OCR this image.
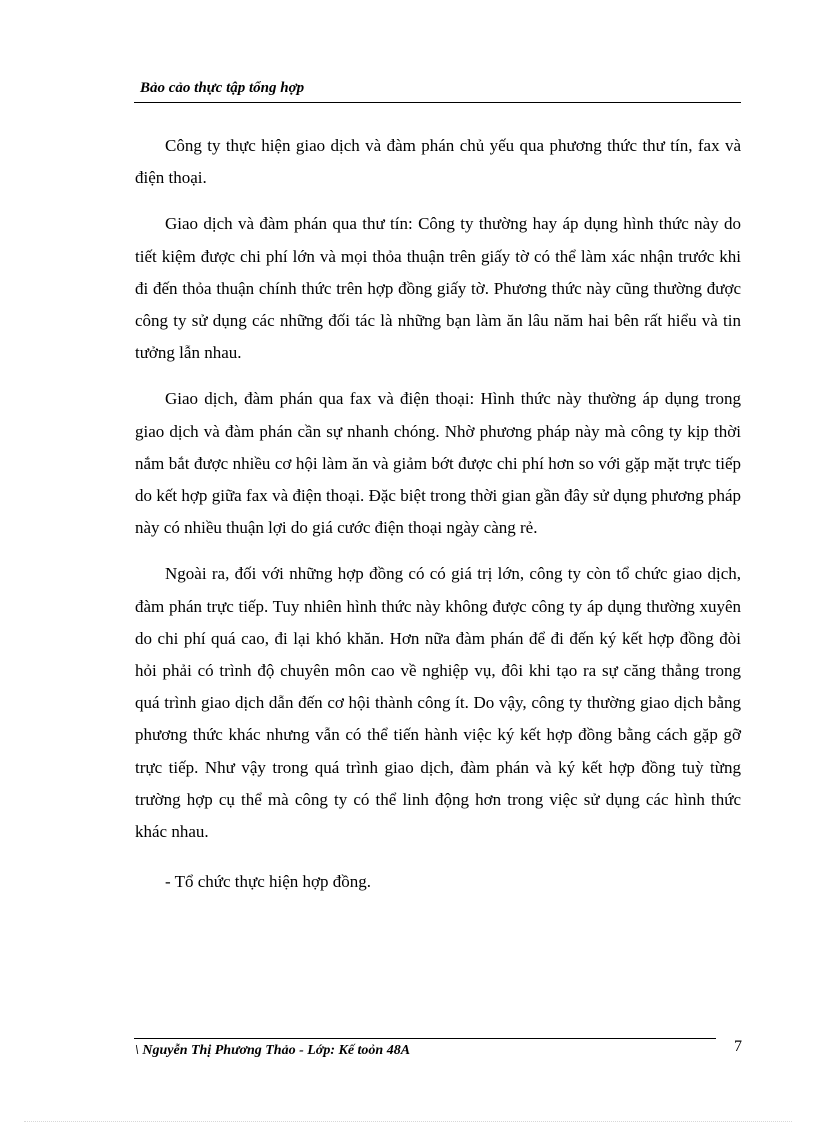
Bảo cảo thực tập tổng hợp

Công ty thực hiện giao dịch và đàm phán chủ yếu qua phương thức thư tín, fax và điện thoại.

Giao dịch và đàm phán qua thư tín: Công ty thường hay áp dụng hình thức này do tiết kiệm được chi phí lớn và mọi thỏa thuận trên giấy tờ có thể làm xác nhận trước khi đi đến thỏa thuận chính thức trên hợp đồng giấy tờ. Phương thức này cũng thường được công ty sử dụng các những đối tác là những bạn làm ăn lâu năm hai bên rất hiểu và tin tưởng lẫn nhau.

Giao dịch, đàm phán qua fax và điện thoại: Hình thức này thường áp dụng trong giao dịch và đàm phán cần sự nhanh chóng. Nhờ phương pháp này mà công ty kịp thời nắm bắt được nhiều cơ hội làm ăn và giảm bớt được chi phí hơn so với gặp mặt trực tiếp do kết hợp giữa fax và điện thoại. Đặc biệt trong thời gian gần đây sử dụng phương pháp này có nhiều thuận lợi do giá cước điện thoại ngày càng rẻ.

Ngoài ra, đối với những hợp đồng có có giá trị lớn, công ty còn tổ chức giao dịch, đàm phán trực tiếp. Tuy nhiên hình thức này không được công ty áp dụng thường xuyên do chi phí quá cao, đi lại khó khăn. Hơn nữa đàm phán để đi đến ký kết hợp đồng đòi hỏi phải có trình độ chuyên môn cao về nghiệp vụ, đôi khi tạo ra sự căng thẳng trong quá trình giao dịch dẫn đến cơ hội thành công ít. Do vậy, công ty thường giao dịch bằng phương thức khác nhưng vẫn có thể tiến hành việc ký kết hợp đồng bằng cách gặp gỡ trực tiếp. Như vậy trong quá trình giao dịch, đàm phán và ký kết hợp đồng tuỳ từng trường hợp cụ thể mà công ty có thể linh động hơn trong việc sử dụng các hình thức khác nhau.

- Tổ chức thực hiện hợp đồng.

\ Nguyễn Thị Phương Thảo - Lớp: Kế toỏn 48A	7
